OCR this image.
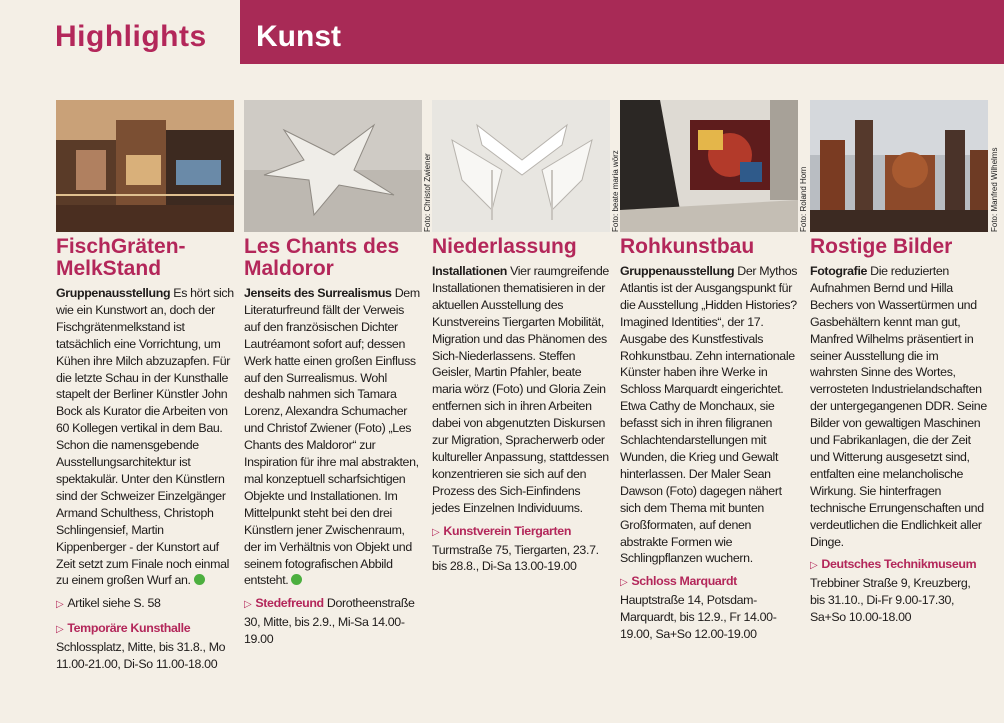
Highlights Kunst
Foto: Christof Zwiener	Foto: beate maria wörz	Foto: Roland Horn	Foto: Manfred Wilhelms
FischGräten-
MelkStand

Gruppenausstellung Es hört sich wie ein Kunstwort an, doch der Fischgrätenmelkstand ist tatsächlich eine Vorrichtung, um Kühen ihre Milch abzuzapfen. Für die letzte Schau in der Kunsthalle stapelt der Berliner Künstler John Bock als Kurator die Arbeiten von 60 Kollegen vertikal in dem Bau. Schon die namensgebende Ausstellungsarchitektur ist spektakulär. Unter den Künstlern sind der Schweizer Einzelgänger Armand Schulthess, Christoph Schlingensief, Martin Kippenberger - der Kunstort auf Zeit setzt zum Finale noch einmal zu einem großen Wurf an.

▷ Artikel siehe S. 58

▷ Temporäre Kunsthalle

Schlossplatz, Mitte, bis 31.8., Mo 11.00-21.00, Di-So 11.00-18.00

Les Chants des
Maldoror

Jenseits des Surrealismus Dem Literaturfreund fällt der Verweis auf den französischen Dichter Lautréamont sofort auf; dessen Werk hatte einen großen Einfluss auf den Surrealismus. Wohl deshalb nahmen sich Tamara Lorenz, Alexandra Schumacher und Christof Zwiener (Foto) „Les Chants des Maldoror“ zur Inspiration für ihre mal abstrakten, mal konzeptuell scharfsichtigen Objekte und Installationen. Im Mittelpunkt steht bei den drei Künstlern jener Zwischenraum, der im Verhältnis von Objekt und seinem fotografischen Abbild entsteht.

▷ Stedefreund Dorotheenstraße 30, Mitte, bis 2.9., Mi-Sa 14.00-19.00

Niederlassung

Installationen Vier raumgreifende Installationen thematisieren in der aktuellen Ausstellung des Kunstvereins Tiergarten Mobilität, Migration und das Phänomen des Sich-Niederlassens. Steffen Geisler, Martin Pfahler, beate maria wörz (Foto) und Gloria Zein entfernen sich in ihren Arbeiten dabei von abgenutzten Diskursen zur Migration, Spracherwerb oder kultureller Anpassung, stattdessen konzentrieren sie sich auf den Prozess des Sich-Einfindens jedes Einzelnen Individuums.

▷ Kunstverein Tiergarten

Turmstraße 75, Tiergarten, 23.7. bis 28.8., Di-Sa 13.00-19.00

Rohkunstbau

Gruppenausstellung Der Mythos Atlantis ist der Ausgangspunkt für die Ausstellung „Hidden Histories? Imagined Identities“, der 17. Ausgabe des Kunstfestivals Rohkunstbau. Zehn internationale Künster haben ihre Werke in Schloss Marquardt eingerichtet. Etwa Cathy de Monchaux, sie befasst sich in ihren filigranen Schlachtendarstellungen mit Wunden, die Krieg und Gewalt hinterlassen. Der Maler Sean Dawson (Foto) dagegen nähert sich dem Thema mit bunten Großformaten, auf denen abstrakte Formen wie Schlingpflanzen wuchern.

▷ Schloss Marquardt

Hauptstraße 14, Potsdam-Marquardt, bis 12.9., Fr 14.00-19.00, Sa+So 12.00-19.00

Rostige Bilder

Fotografie Die reduzierten Aufnahmen Bernd und Hilla Bechers von Wassertürmen und Gasbehältern kennt man gut, Manfred Wilhelms präsentiert in seiner Ausstellung die im wahrsten Sinne des Wortes, verrosteten Industrielandschaften der untergegangenen DDR. Seine Bilder von gewaltigen Maschinen und Fabrikanlagen, die der Zeit und Witterung ausgesetzt sind, entfalten eine melancholische Wirkung. Sie hinterfragen technische Errungenschaften und verdeutlichen die Endlichkeit aller Dinge.

▷ Deutsches Technikmuseum

Trebbiner Straße 9, Kreuzberg, bis 31.10., Di-Fr 9.00-17.30, Sa+So 10.00-18.00
